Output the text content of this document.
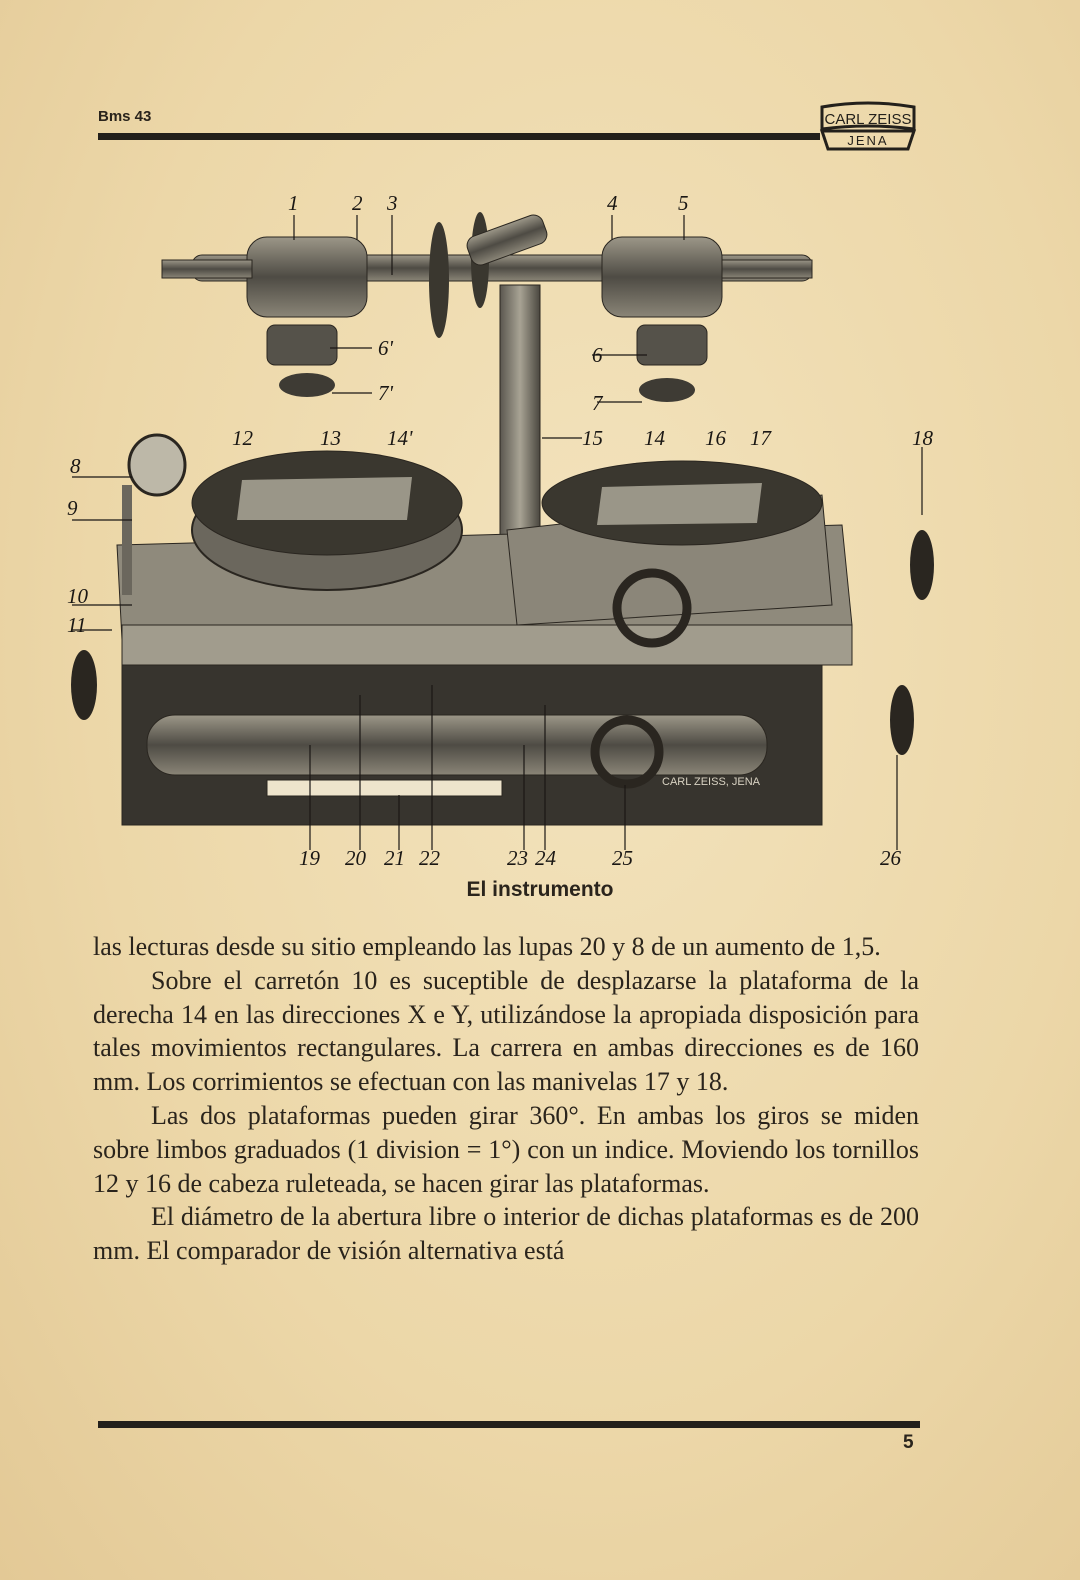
Bms 43	CARL ZEISS
JENA
CARL ZEISS, JENA
1	2 3	4	5
6'
7'
6
7
8
9
10
11
12	13 14'	15 14 16 17	18
19 20 21 22	23 24	25	26
El instrumento

las lecturas desde su sitio empleando las lupas 20 y 8 de un aumento de 1,5.

Sobre el carretón 10 es suceptible de desplazarse la plataforma de la derecha 14 en las direcciones X e Y, utilizándose la apropiada disposición para tales movimientos rectangulares. La carrera en ambas direcciones es de 160 mm. Los corrimientos se efectuan con las manivelas 17 y 18.

Las dos plataformas pueden girar 360°. En ambas los giros se miden sobre limbos graduados (1 division = 1°) con un indice. Moviendo los tornillos 12 y 16 de cabeza ruleteada, se hacen girar las plataformas.

El diámetro de la abertura libre o interior de dichas plataformas es de 200 mm. El comparador de visión alternativa está

5
